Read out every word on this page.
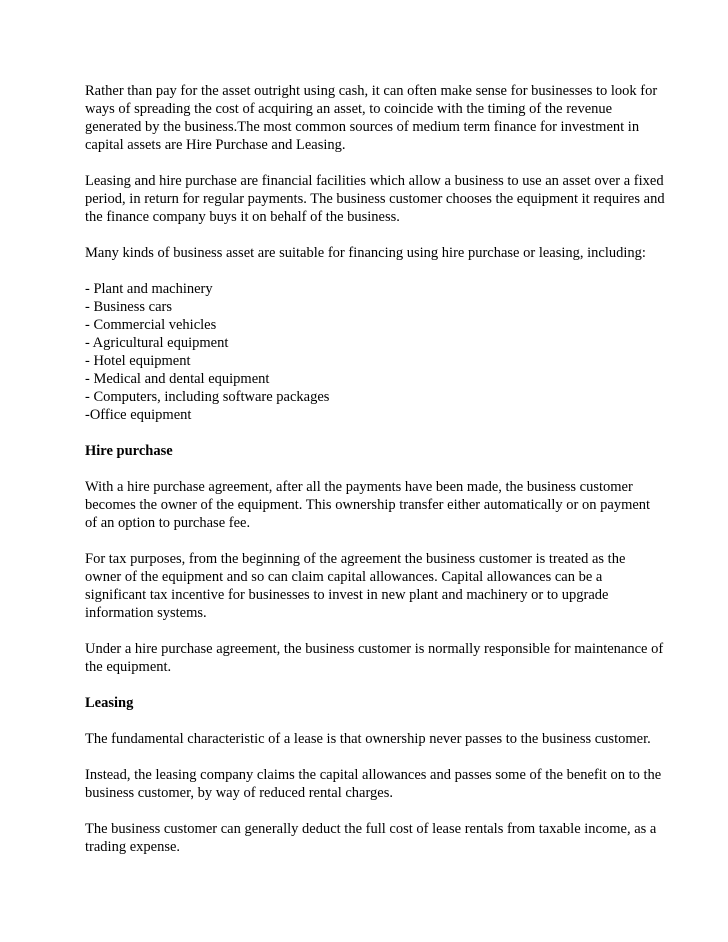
Rather than pay for the asset outright using cash, it can often make sense for businesses to look for ways of spreading the cost of acquiring an asset, to coincide with the timing of the revenue generated by the business.The most common sources of medium term finance for investment in capital assets are Hire Purchase and Leasing.

Leasing and hire purchase are financial facilities which allow a business to use an asset over a fixed period, in return for regular payments. The business customer chooses the equipment it requires and the finance company buys it on behalf of the business.

Many kinds of business asset are suitable for financing using hire purchase or leasing, including:

- Plant and machinery
- Business cars
- Commercial vehicles
- Agricultural equipment
- Hotel equipment
- Medical and dental equipment
- Computers, including software packages
-Office equipment

Hire purchase

With a hire purchase agreement, after all the payments have been made, the business customer becomes the owner of the equipment. This ownership transfer either automatically or on payment of an option to purchase fee.

For tax purposes, from the beginning of the agreement the business customer is treated as the owner of the equipment and so can claim capital allowances. Capital allowances can be a significant tax incentive for businesses to invest in new plant and machinery or to upgrade information systems.

Under a hire purchase agreement, the business customer is normally responsible for maintenance of the equipment.

Leasing

The fundamental characteristic of a lease is that ownership never passes to the business customer.

Instead, the leasing company claims the capital allowances and passes some of the benefit on to the business customer, by way of reduced rental charges.

The business customer can generally deduct the full cost of lease rentals from taxable income, as a trading expense.
